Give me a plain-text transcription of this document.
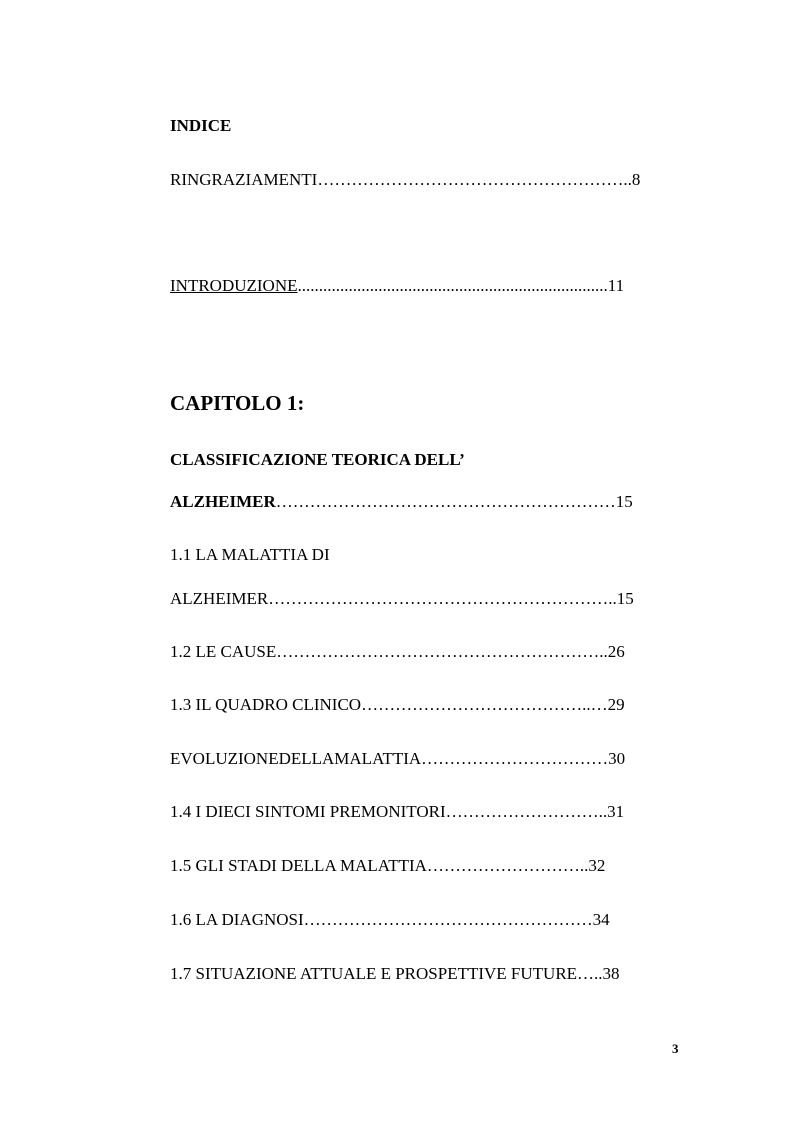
INDICE
RINGRAZIAMENTI………………………………………………..8
INTRODUZIONE.........................................................................11
CAPITOLO 1:
CLASSIFICAZIONE TEORICA DELL’
ALZHEIMER……………………………………………………15
1.1 LA MALATTIA DI
ALZHEIMER……………………………………………………..15
1.2 LE CAUSE…………………………………………………..26
1.3 IL QUADRO CLINICO…………………………………..…29
EVOLUZIONEDELLAMALATTIA……………………………30
1.4 I DIECI SINTOMI PREMONITORI………………………..31
1.5 GLI STADI DELLA MALATTIA………………………..32
1.6 LA DIAGNOSI……………………………………………34
1.7 SITUAZIONE ATTUALE E PROSPETTIVE FUTURE…..38
3
